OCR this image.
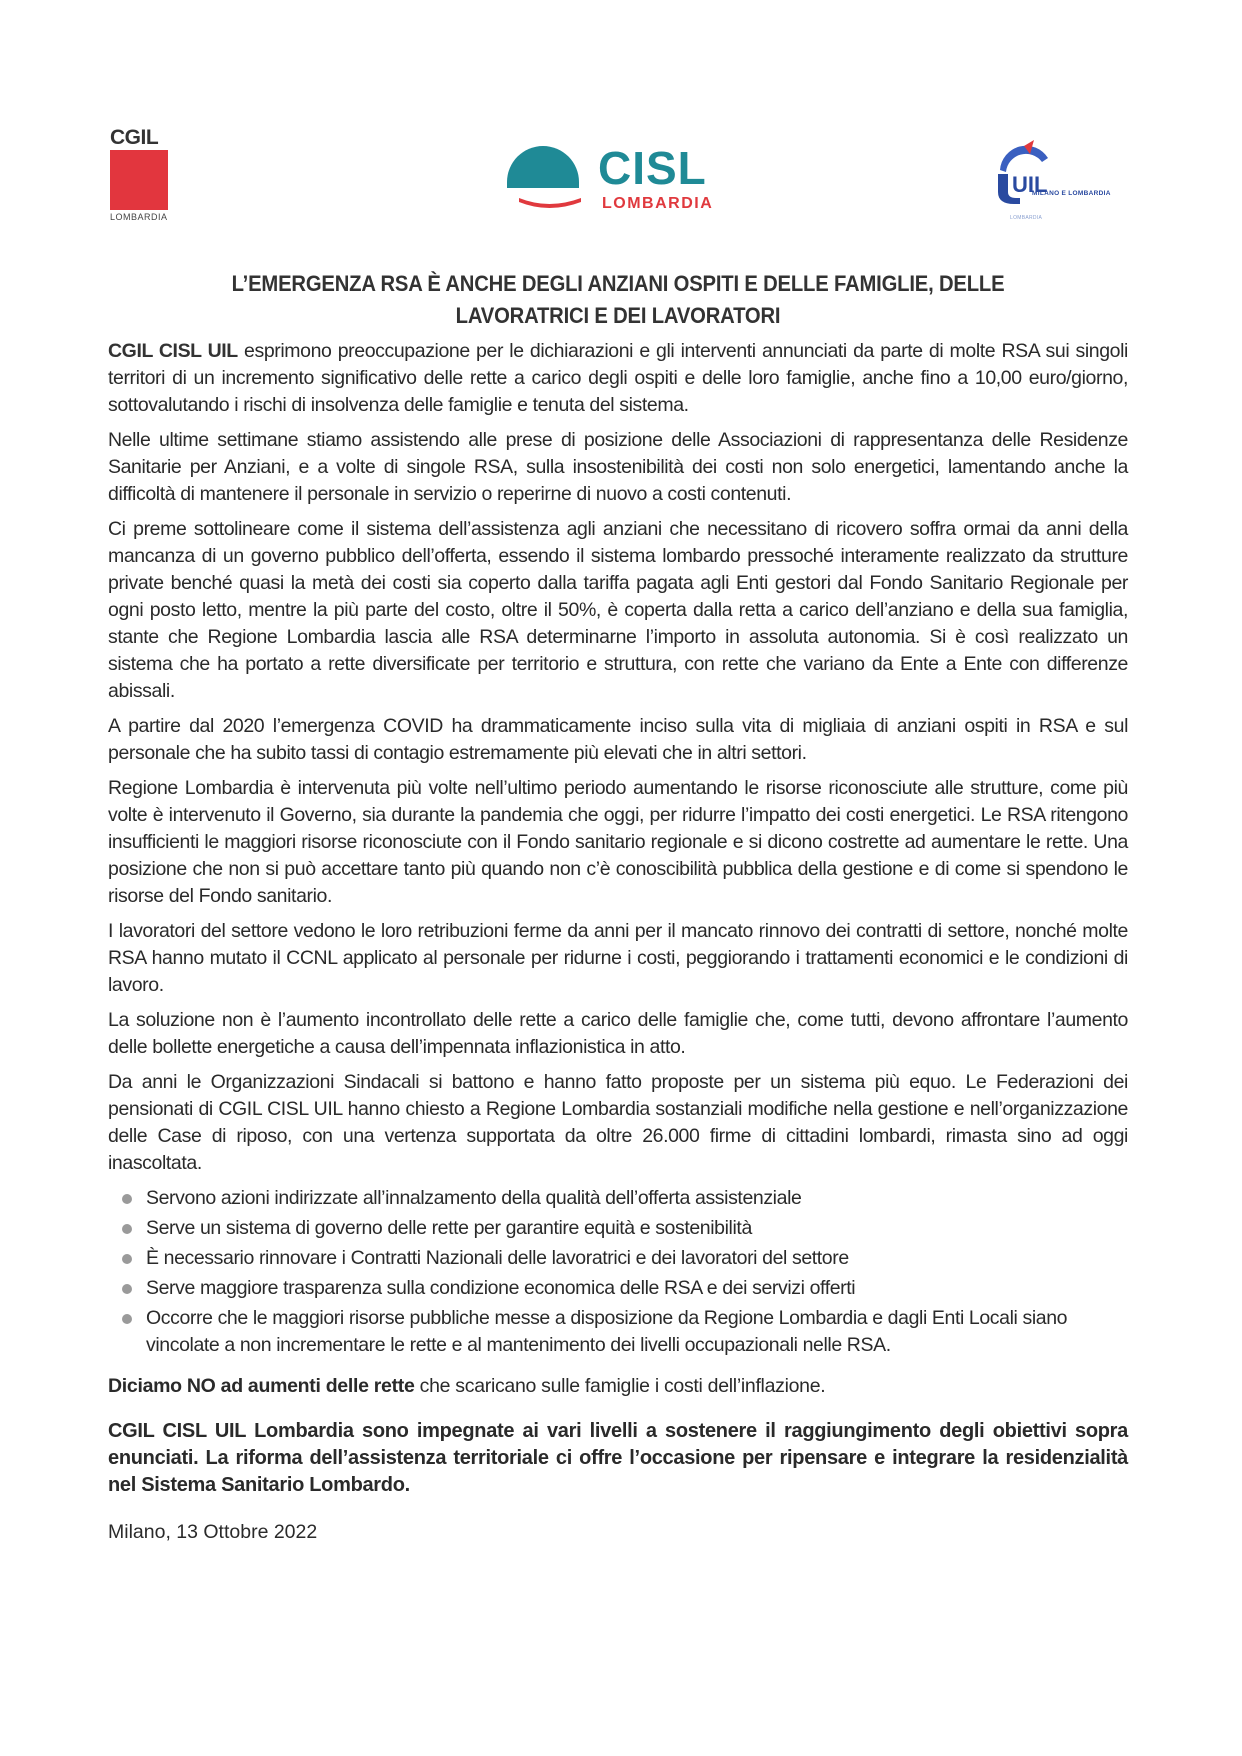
CGIL
LOMBARDIA
CISL
LOMBARDIA
UIL
MILANO E LOMBARDIA
LOMBARDIA
L’EMERGENZA RSA È ANCHE DEGLI ANZIANI OSPITI E DELLE FAMIGLIE, DELLE
LAVORATRICI E DEI LAVORATORI

CGIL CISL UIL esprimono preoccupazione per le dichiarazioni e gli interventi annunciati da parte di molte RSA sui singoli territori di un incremento significativo delle rette a carico degli ospiti e delle loro famiglie, anche fino a 10,00 euro/giorno, sottovalutando i rischi di insolvenza delle famiglie e tenuta del sistema.

Nelle ultime settimane stiamo assistendo alle prese di posizione delle Associazioni di rappresentanza delle Residenze Sanitarie per Anziani, e a volte di singole RSA, sulla insostenibilità dei costi non solo energetici, lamentando anche la difficoltà di mantenere il personale in servizio o reperirne di nuovo a costi contenuti.

Ci preme sottolineare come il sistema dell’assistenza agli anziani che necessitano di ricovero soffra ormai da anni della mancanza di un governo pubblico dell’offerta, essendo il sistema lombardo pressoché interamente realizzato da strutture private benché quasi la metà dei costi sia coperto dalla tariffa pagata agli Enti gestori dal Fondo Sanitario Regionale per ogni posto letto, mentre la più parte del costo, oltre il 50%, è coperta dalla retta a carico dell’anziano e della sua famiglia, stante che Regione Lombardia lascia alle RSA determinarne l’importo in assoluta autonomia. Si è così realizzato un sistema che ha portato a rette diversificate per territorio e struttura, con rette che variano da Ente a Ente con differenze abissali.

A partire dal 2020 l’emergenza COVID ha drammaticamente inciso sulla vita di migliaia di anziani ospiti in RSA e sul personale che ha subito tassi di contagio estremamente più elevati che in altri settori.

Regione Lombardia è intervenuta più volte nell’ultimo periodo aumentando le risorse riconosciute alle strutture, come più volte è intervenuto il Governo, sia durante la pandemia che oggi, per ridurre l’impatto dei costi energetici. Le RSA ritengono insufficienti le maggiori risorse riconosciute con il Fondo sanitario regionale e si dicono costrette ad aumentare le rette. Una posizione che non si può accettare tanto più quando non c’è conoscibilità pubblica della gestione e di come si spendono le risorse del Fondo sanitario.

I lavoratori del settore vedono le loro retribuzioni ferme da anni per il mancato rinnovo dei contratti di settore, nonché molte RSA hanno mutato il CCNL applicato al personale per ridurne i costi, peggiorando i trattamenti economici e le condizioni di lavoro.

La soluzione non è l’aumento incontrollato delle rette a carico delle famiglie che, come tutti, devono affrontare l’aumento delle bollette energetiche a causa dell’impennata inflazionistica in atto.

Da anni le Organizzazioni Sindacali si battono e hanno fatto proposte per un sistema più equo. Le Federazioni dei pensionati di CGIL CISL UIL hanno chiesto a Regione Lombardia sostanziali modifiche nella gestione e nell’organizzazione delle Case di riposo, con una vertenza supportata da oltre 26.000 firme di cittadini lombardi, rimasta sino ad oggi inascoltata.

Servono azioni indirizzate all’innalzamento della qualità dell’offerta assistenziale
Serve un sistema di governo delle rette per garantire equità e sostenibilità
È necessario rinnovare i Contratti Nazionali delle lavoratrici e dei lavoratori del settore
Serve maggiore trasparenza sulla condizione economica delle RSA e dei servizi offerti
Occorre che le maggiori risorse pubbliche messe a disposizione da Regione Lombardia e dagli Enti Locali siano vincolate a non incrementare le rette e al mantenimento dei livelli occupazionali nelle RSA.

Diciamo NO ad aumenti delle rette che scaricano sulle famiglie i costi dell’inflazione.

CGIL CISL UIL Lombardia sono impegnate ai vari livelli a sostenere il raggiungimento degli obiettivi sopra enunciati. La riforma dell’assistenza territoriale ci offre l’occasione per ripensare e integrare la residenzialità nel Sistema Sanitario Lombardo.

Milano, 13 Ottobre 2022
